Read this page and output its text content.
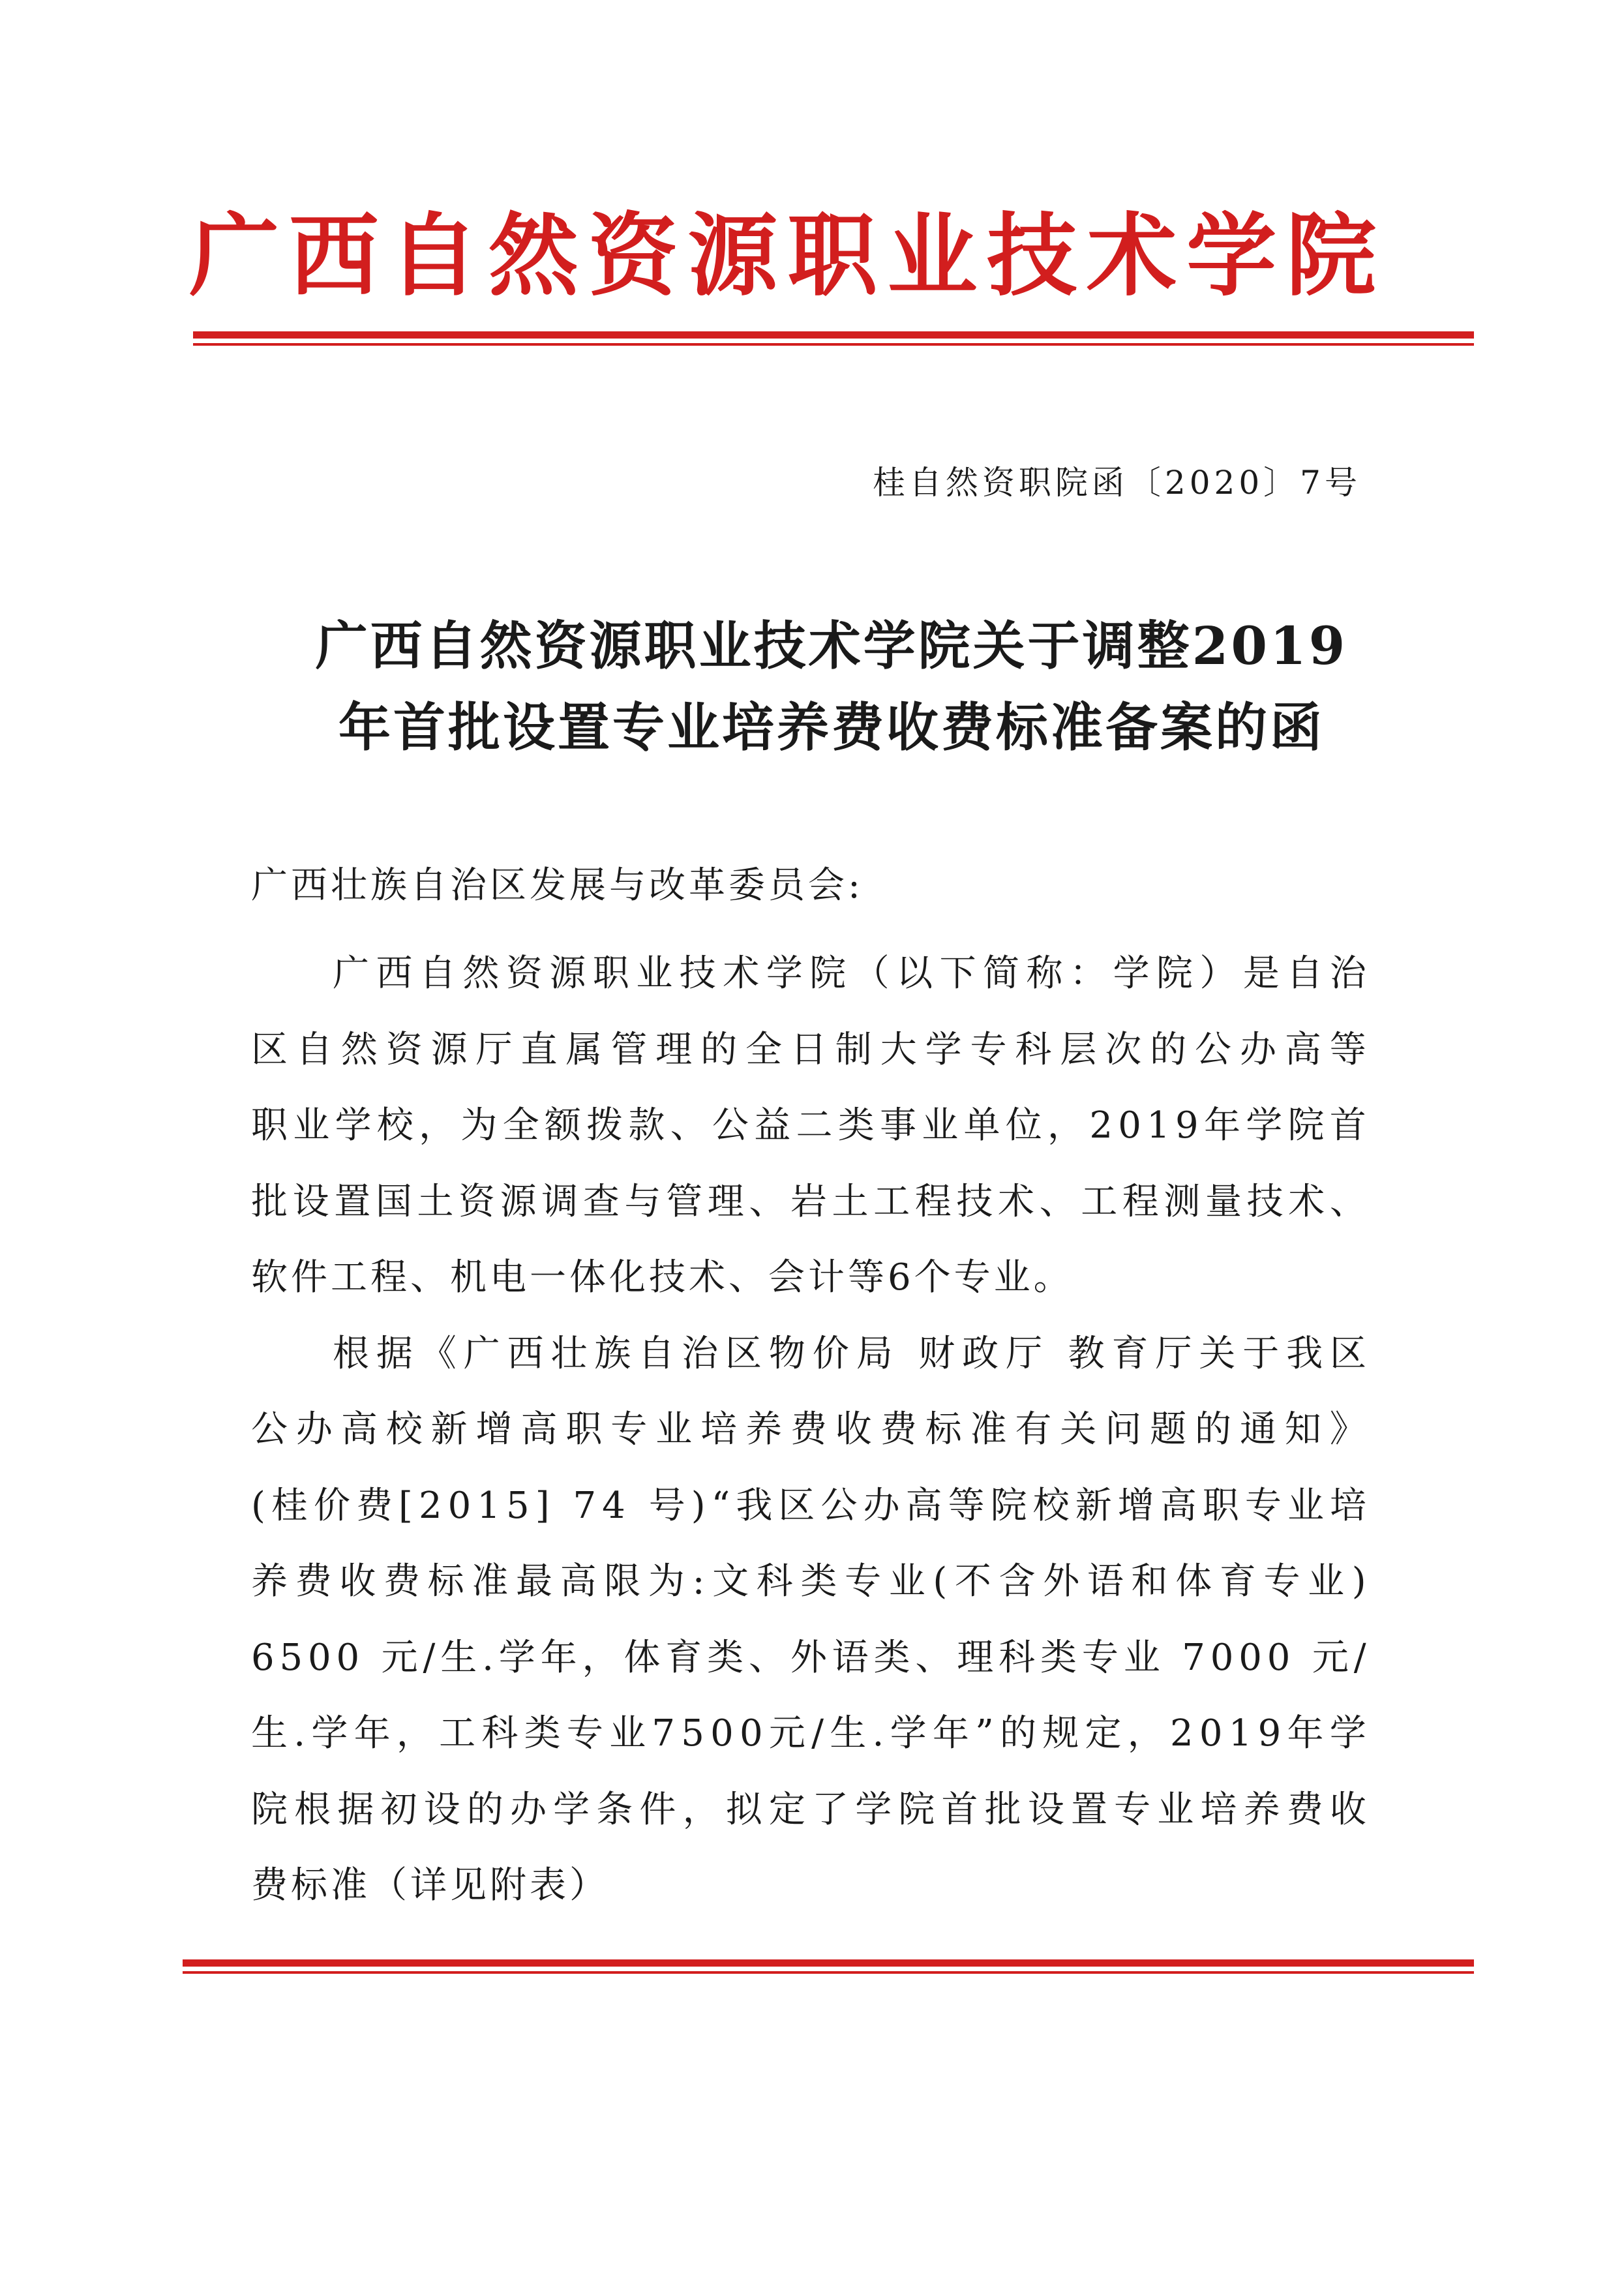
广 西 自 然 资 源 职 业 技 术 学 院
桂自然资职院函〔2020〕7号
广西自然资源职业技术学院关于调整2019
年首批设置专业培养费收费标准备案的函
广西壮族自治区发展与改革委员会:
广 西 自 然 资 源 职 业 技 术 学 院 （ 以 下 简 称 ： 学 院 ） 是 自 治
区 自 然 资 源 厅 直 属 管 理 的 全 日 制 大 学 专 科 层 次 的 公 办 高 等
职 业 学 校 ， 为 全 额 拨 款 、 公 益 二 类 事 业 单 位 ， 2 0 1 9 年 学 院 首
批 设 置 国 土 资 源 调 查 与 管 理 、 岩 土 工 程 技 术 、 工 程 测 量 技 术 、
软件工程、机电一体化技术、会计等6个专业。
根 据 《 广 西 壮 族 自 治 区 物 价 局
财 政 厅
教 育 厅 关 于 我 区
公 办 高 校 新 增 高 职 专 业 培 养 费 收 费 标 准 有 关 问 题 的 通 知 》
( 桂 价 费 [ 2 0 1 5 ]
7 4
号 ) “ 我 区 公 办 高 等 院 校 新 增 高 职 专 业 培
养 费 收 费 标 准 最 高 限 为 : 文 科 类 专 业 ( 不 含 外 语 和 体 育 专 业 )
6 5 0 0
元 / 生 . 学 年 ， 体 育 类 、 外 语 类 、 理 科 类 专 业
7 0 0 0
元 /
生 . 学 年 ， 工 科 类 专 业 7 5 0 0 元 / 生 . 学 年 ” 的 规 定 ， 2 0 1 9 年 学
院 根 据 初 设 的 办 学 条 件 ， 拟 定 了 学 院 首 批 设 置 专 业 培 养 费 收
费标准（详见附表）
